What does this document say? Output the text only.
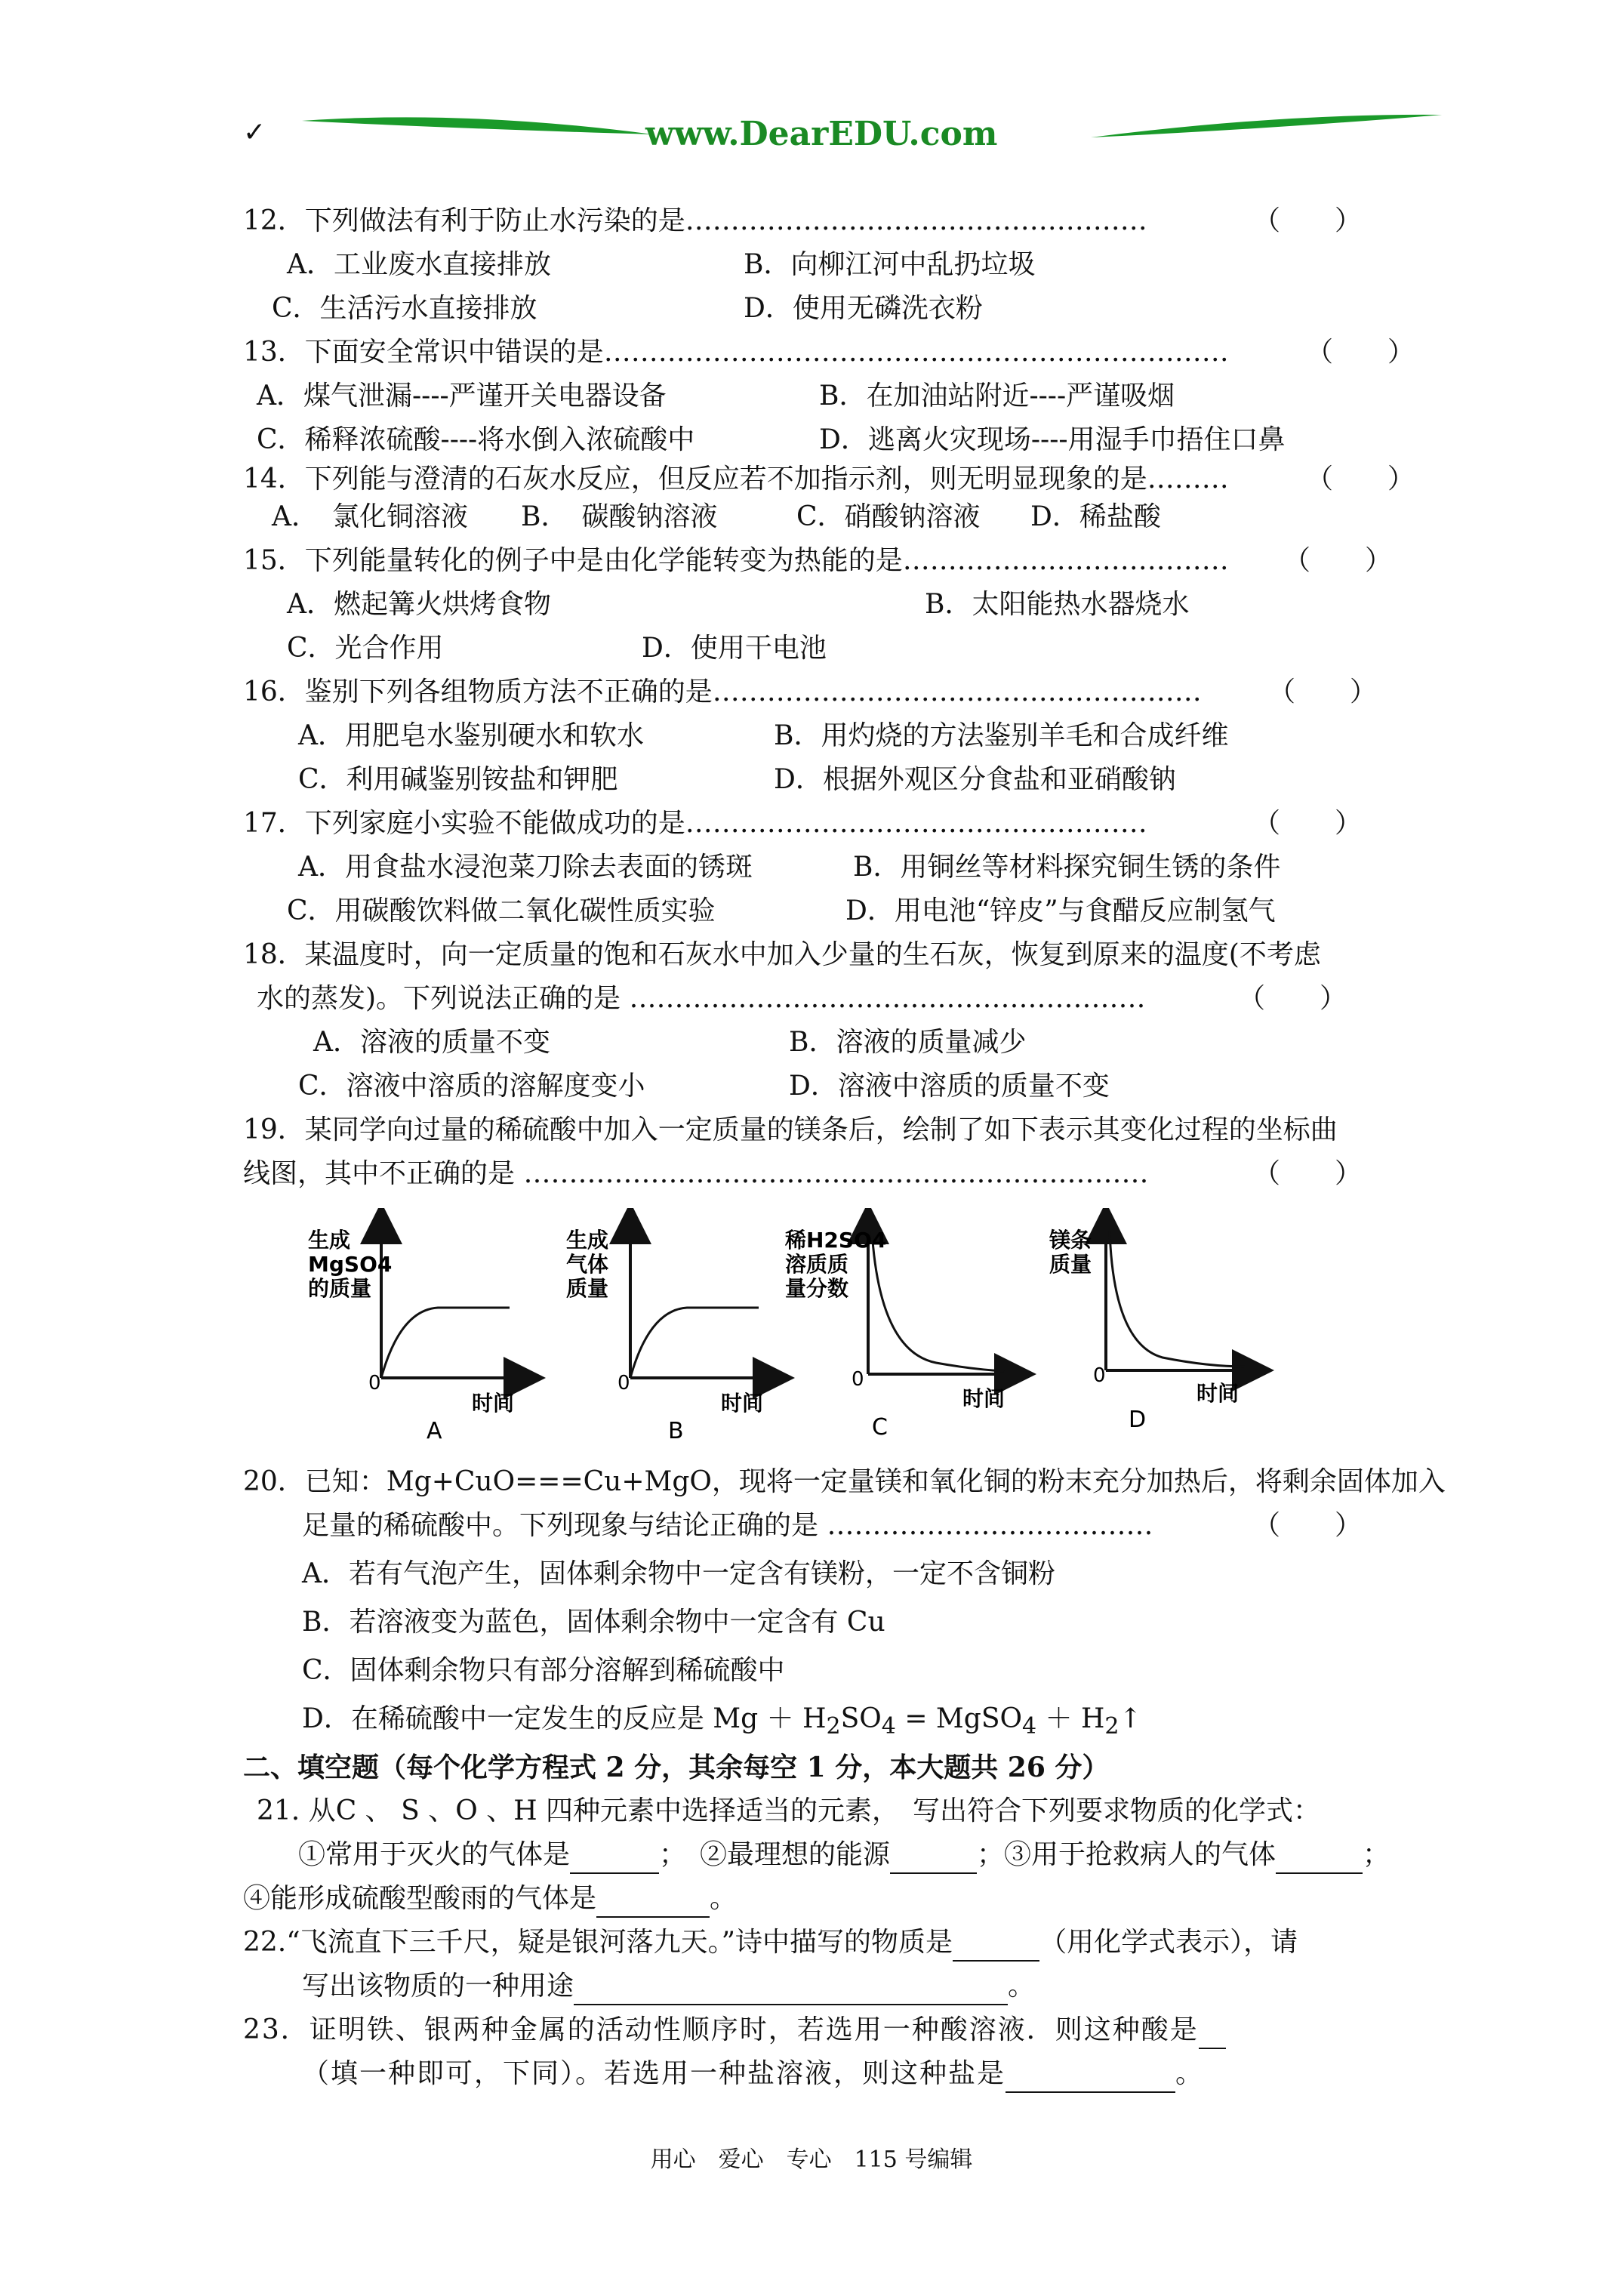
✓	www.DearEDU.com
12．下列做法有利于防止水污染的是……………………………………………	（　　）
A．工业废水直接排放	B．向柳江河中乱扔垃圾
C．生活污水直接排放	D．使用无磷洗衣粉
13．下面安全常识中错误的是……………………………………………………………	（　　）
A．煤气泄漏----严谨开关电器设备	B．在加油站附近----严谨吸烟
C．稀释浓硫酸----将水倒入浓硫酸中	D．逃离火灾现场----用湿手巾捂住口鼻
14．下列能与澄清的石灰水反应，但反应若不加指示剂，则无明显现象的是………	（　　）
A．　氯化铜溶液 B．　碳酸钠溶液	C．硝酸钠溶液 D．稀盐酸
15．下列能量转化的例子中是由化学能转变为热能的是……………………………… （　　）
A．燃起篝火烘烤食物	B．太阳能热水器烧水
C．光合作用	D．使用干电池
16．鉴别下列各组物质方法不正确的是……………………………………………… （　　）
A．用肥皂水鉴别硬水和软水	B．用灼烧的方法鉴别羊毛和合成纤维
C．利用碱鉴别铵盐和钾肥	D．根据外观区分食盐和亚硝酸钠
17．下列家庭小实验不能做成功的是……………………………………………	（　　）
A．用食盐水浸泡菜刀除去表面的锈斑	B．用铜丝等材料探究铜生锈的条件
C．用碳酸饮料做二氧化碳性质实验	D．用电池“锌皮”与食醋反应制氢气
18．某温度时，向一定质量的饱和石灰水中加入少量的生石灰，恢复到原来的温度(不考虑
水的蒸发)。下列说法正确的是 …………………………………………………	（　　）
A．溶液的质量不变	B．溶液的质量减少
C．溶液中溶质的溶解度变小	D．溶液中溶质的质量不变
19．某同学向过量的稀硫酸中加入一定质量的镁条后，绘制了如下表示其变化过程的坐标曲
线图，其中不正确的是 ……………………………………………………………	（　　）
生成
MgSO4
的质量
0
时间
A
生成
气体
质量
0
时间
B
稀H2SO4
溶质质
量分数
0
时间
C
镁条
质量
0
时间
D
20．已知：Mg+CuO===Cu+MgO，现将一定量镁和氧化铜的粉末充分加热后，将剩余固体加入
足量的稀硫酸中。下列现象与结论正确的是 ………………………………	（　　）
A．若有气泡产生，固体剩余物中一定含有镁粉，一定不含铜粉
B．若溶液变为蓝色，固体剩余物中一定含有 Cu
C．固体剩余物只有部分溶解到稀硫酸中
D．在稀硫酸中一定发生的反应是 $Mg + H_2SO_4$ = MgSO$_4$ ＋ $H_2↑$
二、填空题（每个化学方程式 2 分，其余每空 1 分，本大题共 26 分）
21. 从C 、 S 、O 、H 四种元素中选择适当的元素，　写出符合下列要求物质的化学式：
①常用于灭火的气体是	；　②最理想的能源	；③用于抢救病人的气体	；
④能形成硫酸型酸雨的气体是	。
22.“飞流直下三千尺，疑是银河落九天。”诗中描写的物质是	（用化学式表示），请
写出该物质的一种用途	。
23．证明铁、银两种金属的活动性顺序时，若选用一种酸溶液．则这种酸是
（填一种即可，下同）。若选用一种盐溶液，则这种盐是	。
用心　爱心　专心　115 号编辑
